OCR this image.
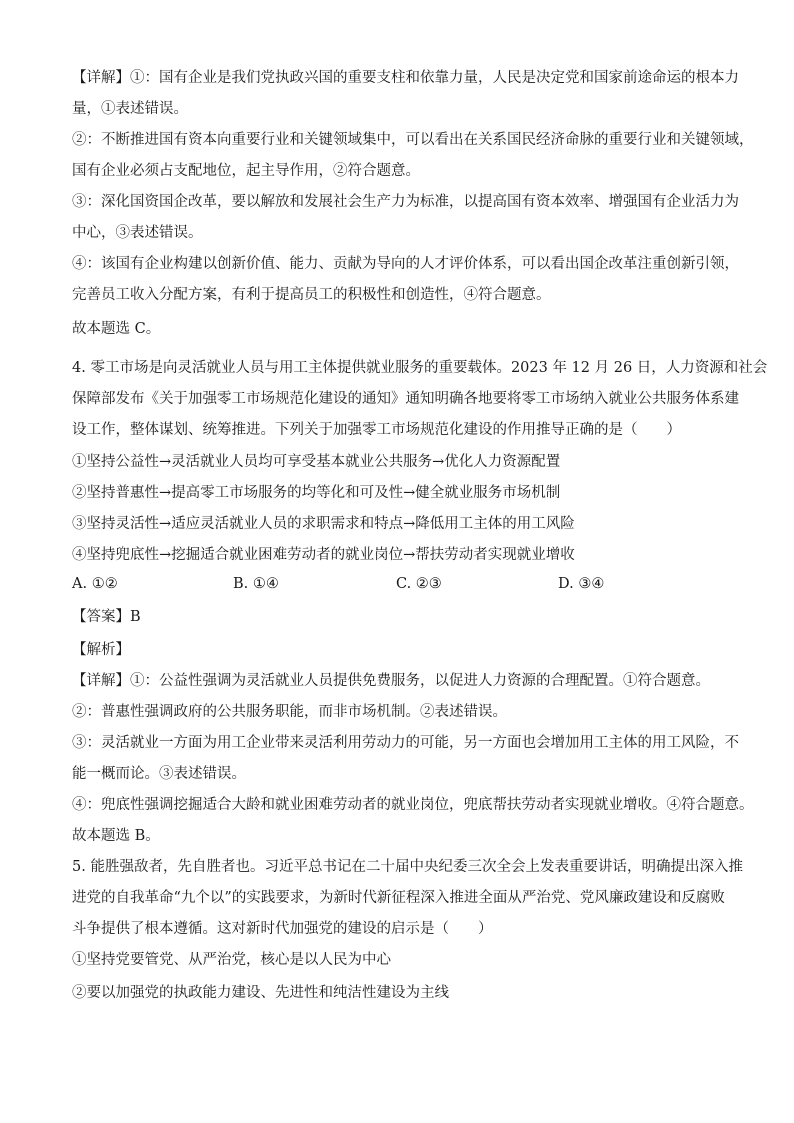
【详解】①：国有企业是我们党执政兴国的重要支柱和依靠力量，人民是决定党和国家前途命运的根本力
量，①表述错误。
②：不断推进国有资本向重要行业和关键领域集中，可以看出在关系国民经济命脉的重要行业和关键领域，
国有企业必须占支配地位，起主导作用，②符合题意。
③：深化国资国企改革，要以解放和发展社会生产力为标准，以提高国有资本效率、增强国有企业活力为
中心，③表述错误。
④：该国有企业构建以创新价值、能力、贡献为导向的人才评价体系，可以看出国企改革注重创新引领，
完善员工收入分配方案，有利于提高员工的积极性和创造性，④符合题意。
故本题选 C。
4. 零工市场是向灵活就业人员与用工主体提供就业服务的重要载体。2023 年 12 月 26 日，人力资源和社会
保障部发布《关于加强零工市场规范化建设的通知》通知明确各地要将零工市场纳入就业公共服务体系建
设工作，整体谋划、统筹推进。下列关于加强零工市场规范化建设的作用推导正确的是（　　）
①坚持公益性→灵活就业人员均可享受基本就业公共服务→优化人力资源配置
②坚持普惠性→提高零工市场服务的均等化和可及性→健全就业服务市场机制
③坚持灵活性→适应灵活就业人员的求职需求和特点→降低用工主体的用工风险
④坚持兜底性→挖掘适合就业困难劳动者的就业岗位→帮扶劳动者实现就业增收
A. ①②	B. ①④	C. ②③	D. ③④
【答案】B
【解析】
【详解】①：公益性强调为灵活就业人员提供免费服务，以促进人力资源的合理配置。①符合题意。
②：普惠性强调政府的公共服务职能，而非市场机制。②表述错误。
③：灵活就业一方面为用工企业带来灵活利用劳动力的可能，另一方面也会增加用工主体的用工风险，不
能一概而论。③表述错误。
④：兜底性强调挖掘适合大龄和就业困难劳动者的就业岗位，兜底帮扶劳动者实现就业增收。④符合题意。
故本题选 B。
5. 能胜强敌者，先自胜者也。习近平总书记在二十届中央纪委三次全会上发表重要讲话，明确提出深入推
进党的自我革命“九个以”的实践要求，为新时代新征程深入推进全面从严治党、党风廉政建设和反腐败
斗争提供了根本遵循。这对新时代加强党的建设的启示是（　　）
①坚持党要管党、从严治党，核心是以人民为中心
②要以加强党的执政能力建设、先进性和纯洁性建设为主线
